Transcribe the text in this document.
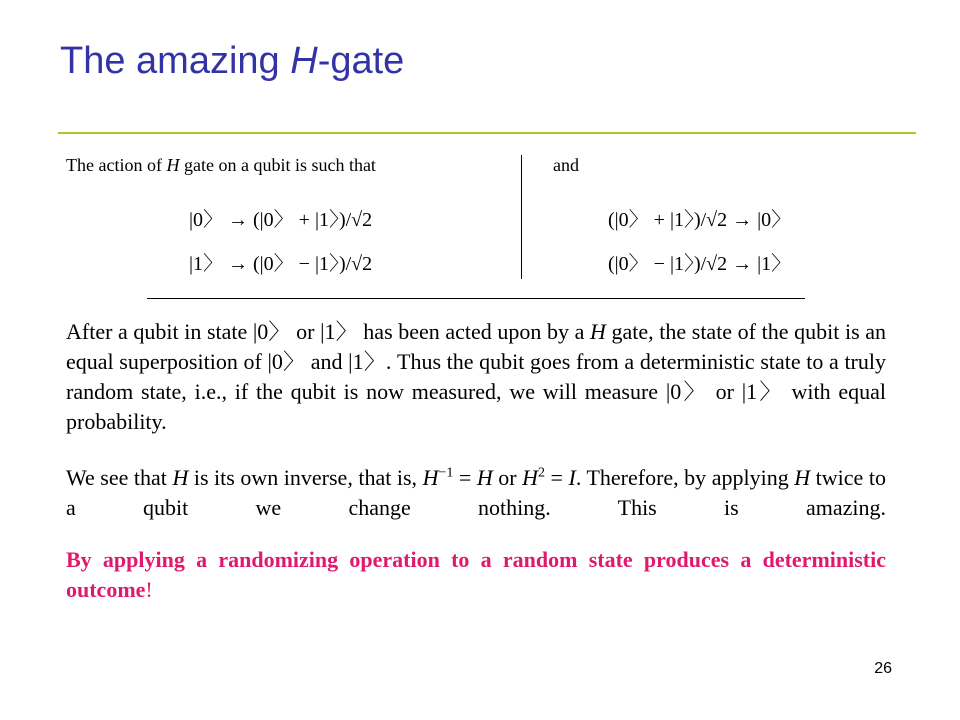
The amazing H-gate
The action of H gate on a qubit is such that	and
|0〉 → (|0〉 + |1〉)/√2
|1〉 → (|0〉 − |1〉)/√2
(|0〉 + |1〉)/√2 → |0〉
(|0〉 − |1〉)/√2 → |1〉

After a qubit in state |0〉 or |1〉 has been acted upon by a H gate, the state of the qubit is an equal superposition of |0〉 and |1〉. Thus the qubit goes from a deterministic state to a truly random state, i.e., if the qubit is now measured, we will measure |0〉 or |1〉 with equal probability.

We see that H is its own inverse, that is, $H^{-1} = H$ or $H^2 = I$. Therefore, by applying H twice to a qubit we change nothing. This is amazing.

By applying a randomizing operation to a random state produces a deterministic outcome!

26
